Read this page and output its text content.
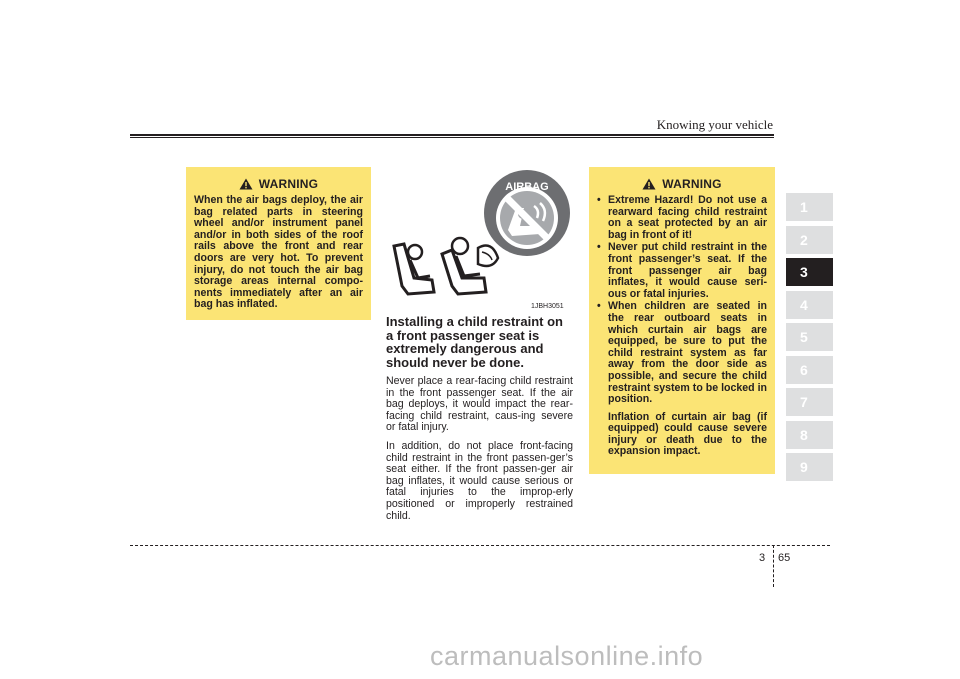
Knowing your vehicle
WARNING
When the air bags deploy, the air bag related parts in steering wheel and/or instrument panel and/or in both sides of the roof rails above the front and rear doors are very hot. To prevent injury, do not touch the air bag storage areas internal compo-nents immediately after an air bag has inflated.
AIRBAG
1JBH3051
Installing a child restraint on a front passenger seat is extremely dangerous and should never be done.

Never place a rear-facing child restraint in the front passenger seat. If the air bag deploys, it would impact the rear-facing child restraint, caus-ing severe or fatal injury.

In addition, do not place front-facing child restraint in the front passen-ger’s seat either. If the front passen-ger air bag inflates, it would cause serious or fatal injuries to the improp-erly positioned or improperly restrained child.

WARNING
• Extreme Hazard! Do not use a rearward facing child restraint on a seat protected by an air bag in front of it!
• Never put child restraint in the front passenger’s seat. If the front passenger air bag inflates, it would cause seri-ous or fatal injuries.
• When children are seated in the rear outboard seats in which curtain air bags are equipped, be sure to put the child restraint system as far away from the door side as possible, and secure the child restraint system to be locked in position.
Inflation of curtain air bag (if equipped) could cause severe injury or death due to the expansion impact.
1
2
3
4
5
6
7
8
9
3 65
carmanualsonline.info
